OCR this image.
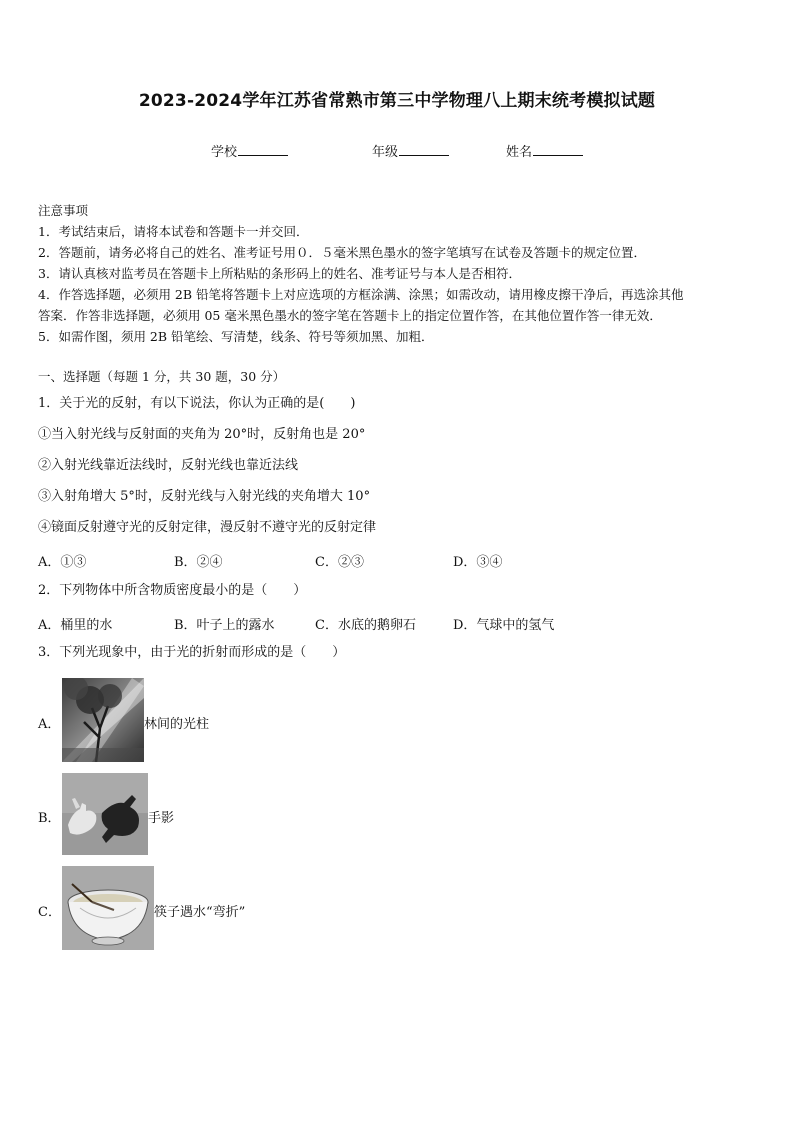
2023-2024学年江苏省常熟市第三中学物理八上期末统考模拟试题
学校	年级	姓名
注意事项
1．考试结束后，请将本试卷和答题卡一并交回．
2．答题前，请务必将自己的姓名、准考证号用０．５毫米黑色墨水的签字笔填写在试卷及答题卡的规定位置．
3．请认真核对监考员在答题卡上所粘贴的条形码上的姓名、准考证号与本人是否相符．
4．作答选择题，必须用 2B 铅笔将答题卡上对应选项的方框涂满、涂黑；如需改动，请用橡皮擦干净后，再选涂其他
答案．作答非选择题，必须用 05 毫米黑色墨水的签字笔在答题卡上的指定位置作答，在其他位置作答一律无效．
5．如需作图，须用 2B 铅笔绘、写清楚，线条、符号等须加黑、加粗．
一、选择题（每题 1 分，共 30 题，30 分）
1．关于光的反射，有以下说法，你认为正确的是(　　)
①当入射光线与反射面的夹角为 20°时，反射角也是 20°
②入射光线靠近法线时，反射光线也靠近法线
③入射角增大 5°时，反射光线与入射光线的夹角增大 10°
④镜面反射遵守光的反射定律，漫反射不遵守光的反射定律
A．①③	B．②④	C．②③	D．③④
2．下列物体中所含物质密度最小的是（　　）
A．桶里的水	B．叶子上的露水	C．水底的鹅卵石	D．气球中的氢气
3．下列光现象中，由于光的折射而形成的是（　　）
A．	林间的光柱
B．	手影
C．	筷子遇水“弯折”
